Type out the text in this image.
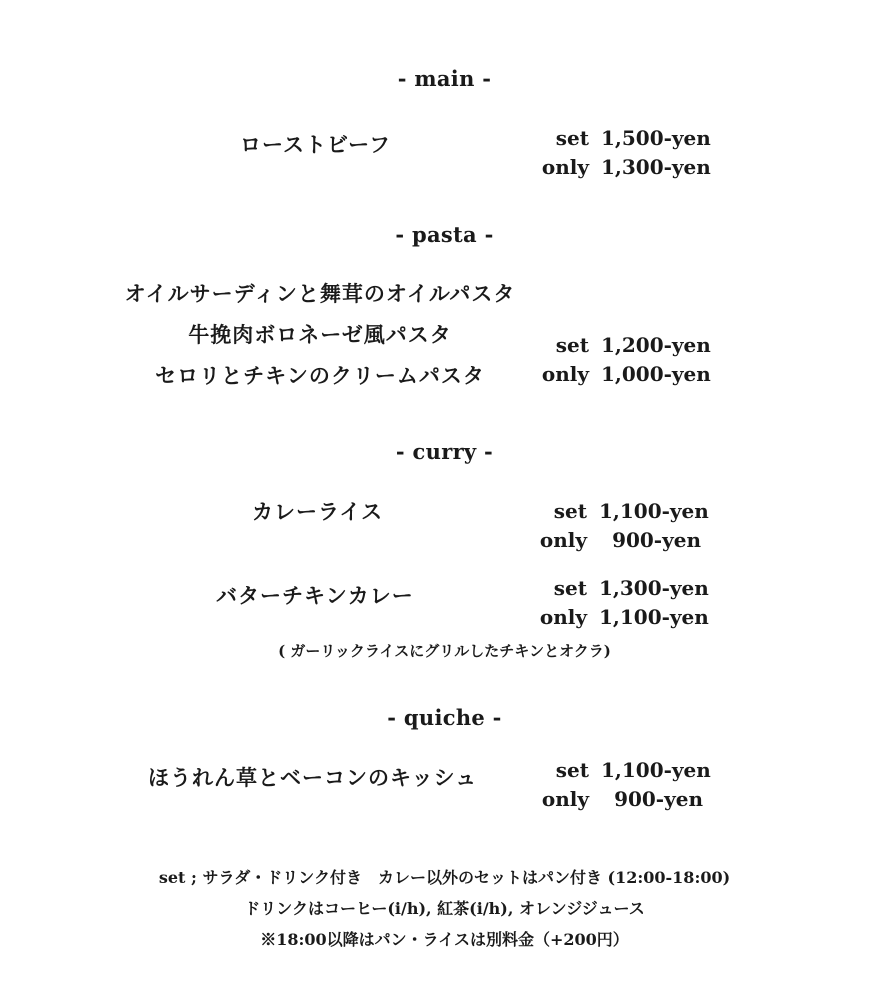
- main -
ローストビーフ	set 1,500-yen
only 1,300-yen
- pasta -
オイルサーディンと舞茸のオイルパスタ
牛挽肉ボロネーゼ風パスタ
セロリとチキンのクリームパスタ
set 1,200-yen
only 1,000-yen
- curry -
カレーライス	set 1,100-yen
only	900-yen
バターチキンカレー	set 1,300-yen
only 1,100-yen
( ガーリックライスにグリルしたチキンとオクラ)
- quiche -
ほうれん草とベーコンのキッシュ	set 1,100-yen
only	900-yen
set ; サラダ・ドリンク付き　カレー以外のセットはパン付き (12:00-18:00)
ドリンクはコーヒー(i/h), 紅茶(i/h), オレンジジュース
※18:00以降はパン・ライスは別料金（+200円）
